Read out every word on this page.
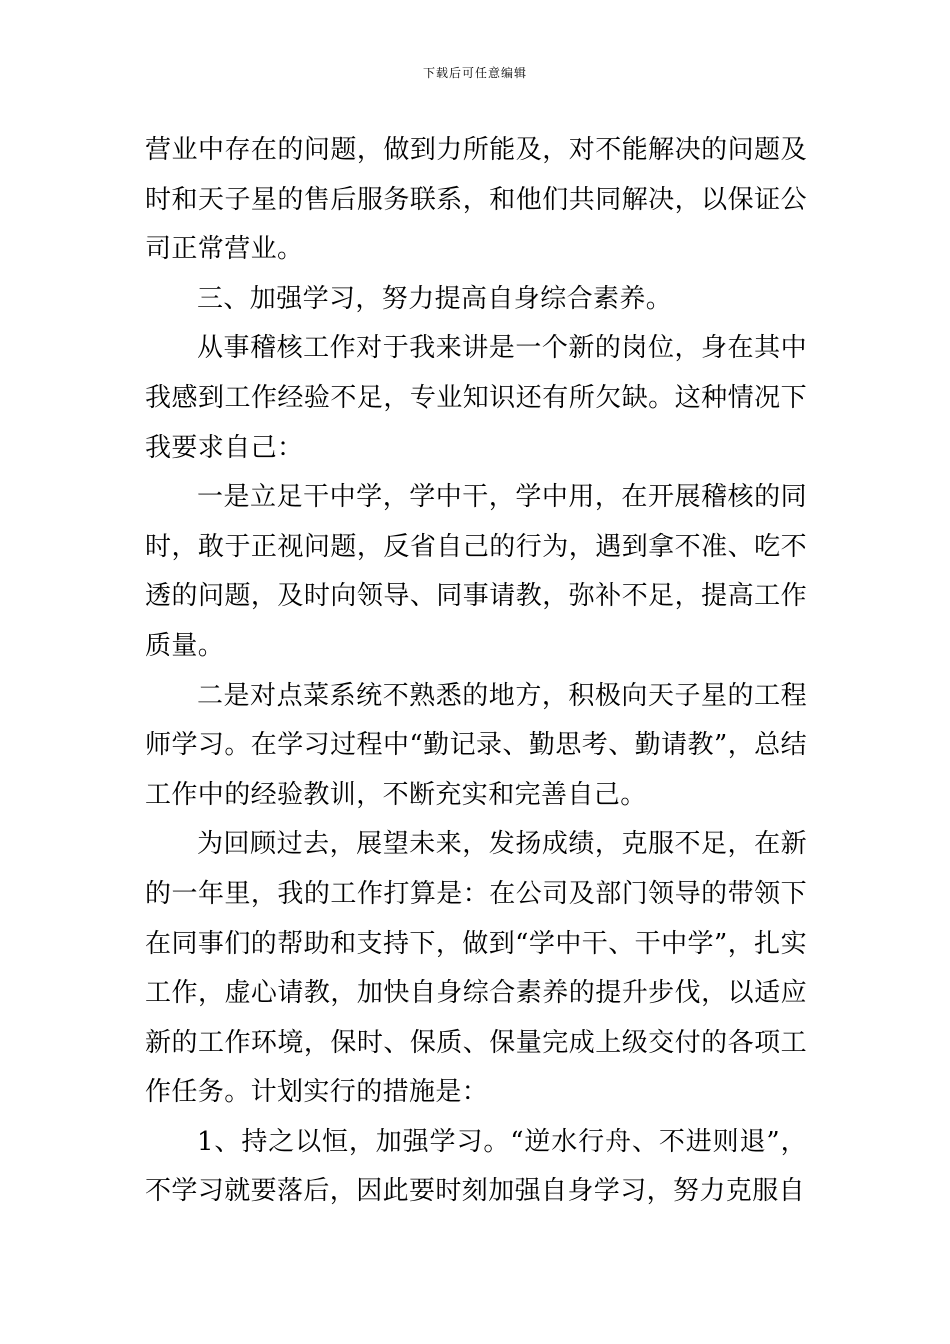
下载后可任意编辑

营业中存在的问题，做到力所能及，对不能解决的问题及时和天子星的售后服务联系，和他们共同解决，以保证公司正常营业。

三、加强学习，努力提高自身综合素养。

从事稽核工作对于我来讲是一个新的岗位，身在其中我感到工作经验不足，专业知识还有所欠缺。这种情况下我要求自己：

一是立足干中学，学中干，学中用，在开展稽核的同时，敢于正视问题，反省自己的行为，遇到拿不准、吃不透的问题，及时向领导、同事请教，弥补不足，提高工作质量。

二是对点菜系统不熟悉的地方，积极向天子星的工程师学习。在学习过程中“勤记录、勤思考、勤请教”，总结工作中的经验教训，不断充实和完善自己。

为回顾过去，展望未来，发扬成绩，克服不足，在新的一年里，我的工作打算是：在公司及部门领导的带领下在同事们的帮助和支持下，做到“学中干、干中学”，扎实工作，虚心请教，加快自身综合素养的提升步伐，以适应新的工作环境，保时、保质、保量完成上级交付的各项工作任务。计划实行的措施是：

1、持之以恒，加强学习。“逆水行舟、不进则退”，不学习就要落后，因此要时刻加强自身学习，努力克服自
